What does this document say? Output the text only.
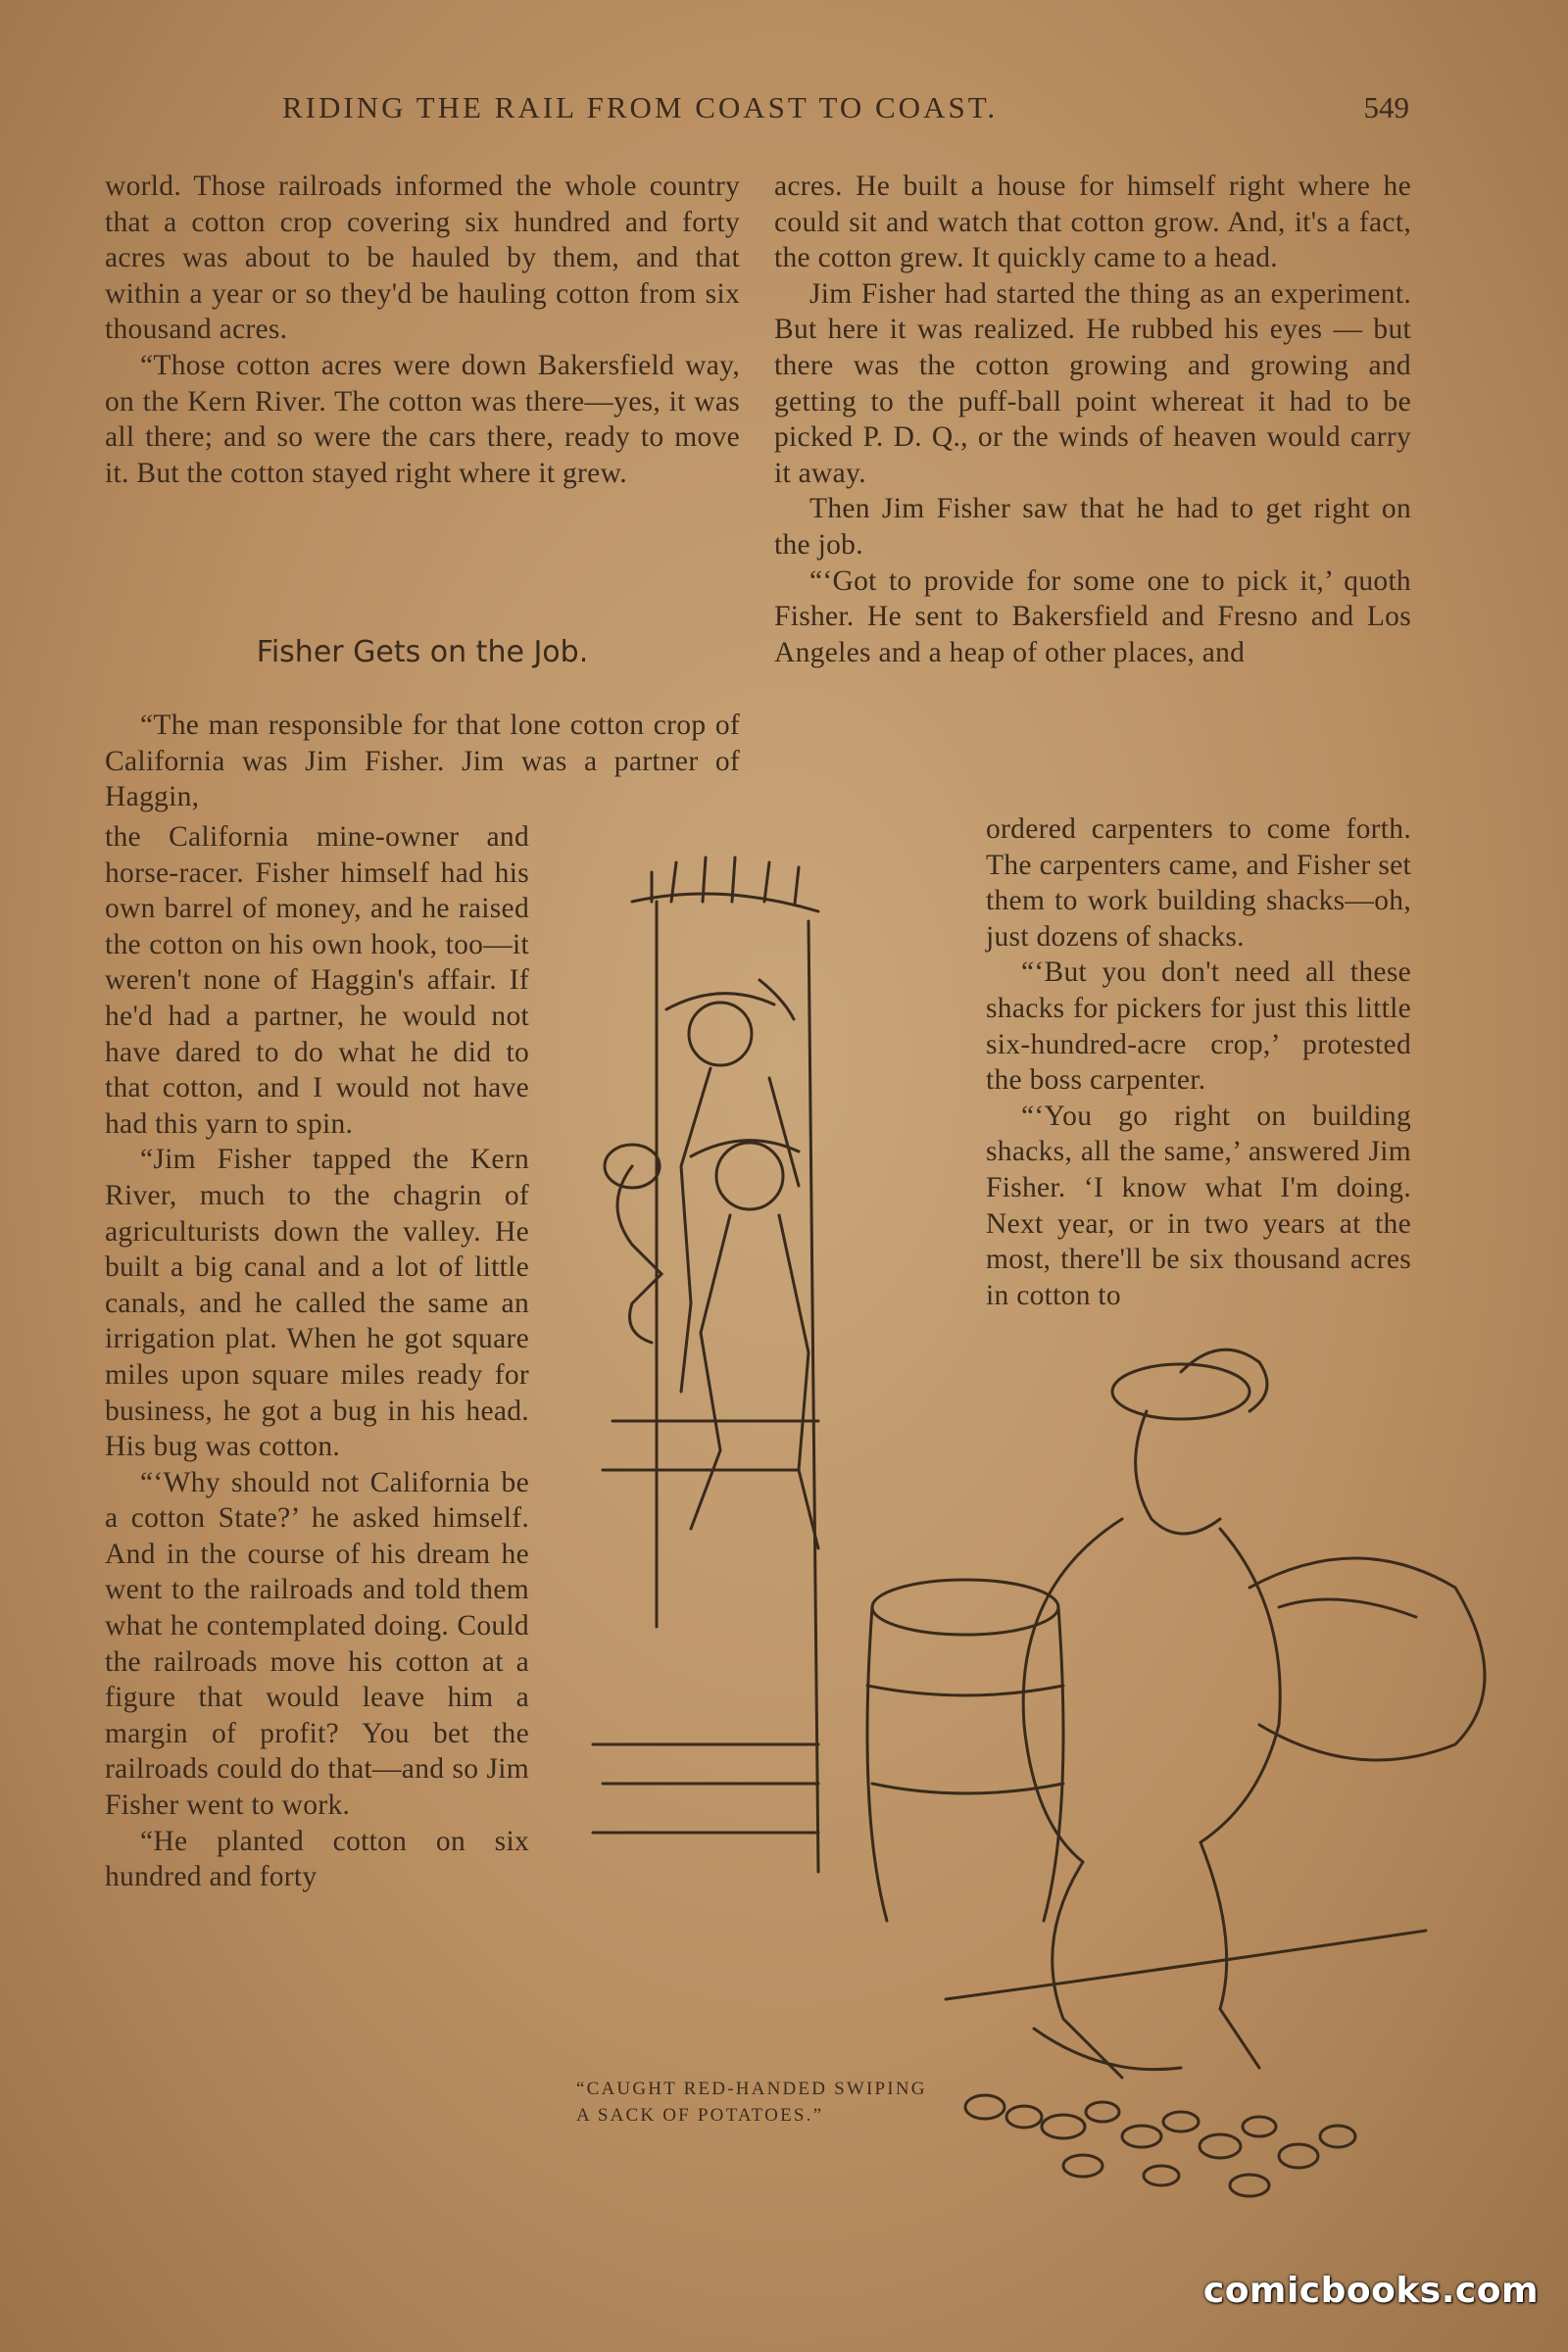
RIDING THE RAIL FROM COAST TO COAST.	549

world. Those railroads informed the whole country that a cotton crop covering six hundred and forty acres was about to be hauled by them, and that within a year or so they'd be hauling cotton from six thousand acres.

“Those cotton acres were down Bakersfield way, on the Kern River. The cotton was there—yes, it was all there; and so were the cars there, ready to move it. But the cotton stayed right where it grew.

Fisher Gets on the Job.

“The man responsible for that lone cotton crop of California was Jim Fisher. Jim was a partner of Haggin,

the California mine-owner and horse-racer. Fisher himself had his own barrel of money, and he raised the cotton on his own hook, too—it weren't none of Haggin's affair. If he'd had a partner, he would not have dared to do what he did to that cotton, and I would not have had this yarn to spin.

“Jim Fisher tapped the Kern River, much to the chagrin of agriculturists down the valley. He built a big canal and a lot of little canals, and he called the same an irrigation plat. When he got square miles upon square miles ready for business, he got a bug in his head. His bug was cotton.

“‘Why should not California be a cotton State?’ he asked himself. And in the course of his dream he went to the railroads and told them what he contemplated doing. Could the railroads move his cotton at a figure that would leave him a margin of profit? You bet the railroads could do that—and so Jim Fisher went to work.

“He planted cotton on six hundred and forty

acres. He built a house for himself right where he could sit and watch that cotton grow. And, it's a fact, the cotton grew. It quickly came to a head.

Jim Fisher had started the thing as an experiment. But here it was realized. He rubbed his eyes — but there was the cotton growing and growing and getting to the puff-ball point whereat it had to be picked P. D. Q., or the winds of heaven would carry it away.

Then Jim Fisher saw that he had to get right on the job.

“‘Got to provide for some one to pick it,’ quoth Fisher. He sent to Bakersfield and Fresno and Los Angeles and a heap of other places, and

ordered carpenters to come forth. The carpenters came, and Fisher set them to work building shacks—oh, just dozens of shacks.

“‘But you don't need all these shacks for pickers for just this little six-hundred-acre crop,’ protested the boss carpenter.

“‘You go right on building shacks, all the same,’ answered Jim Fisher. ‘I know what I'm doing. Next year, or in two years at the most, there'll be six thousand acres in cotton to

“CAUGHT RED-HANDED SWIPING A SACK OF POTATOES.”
comicbooks.com
